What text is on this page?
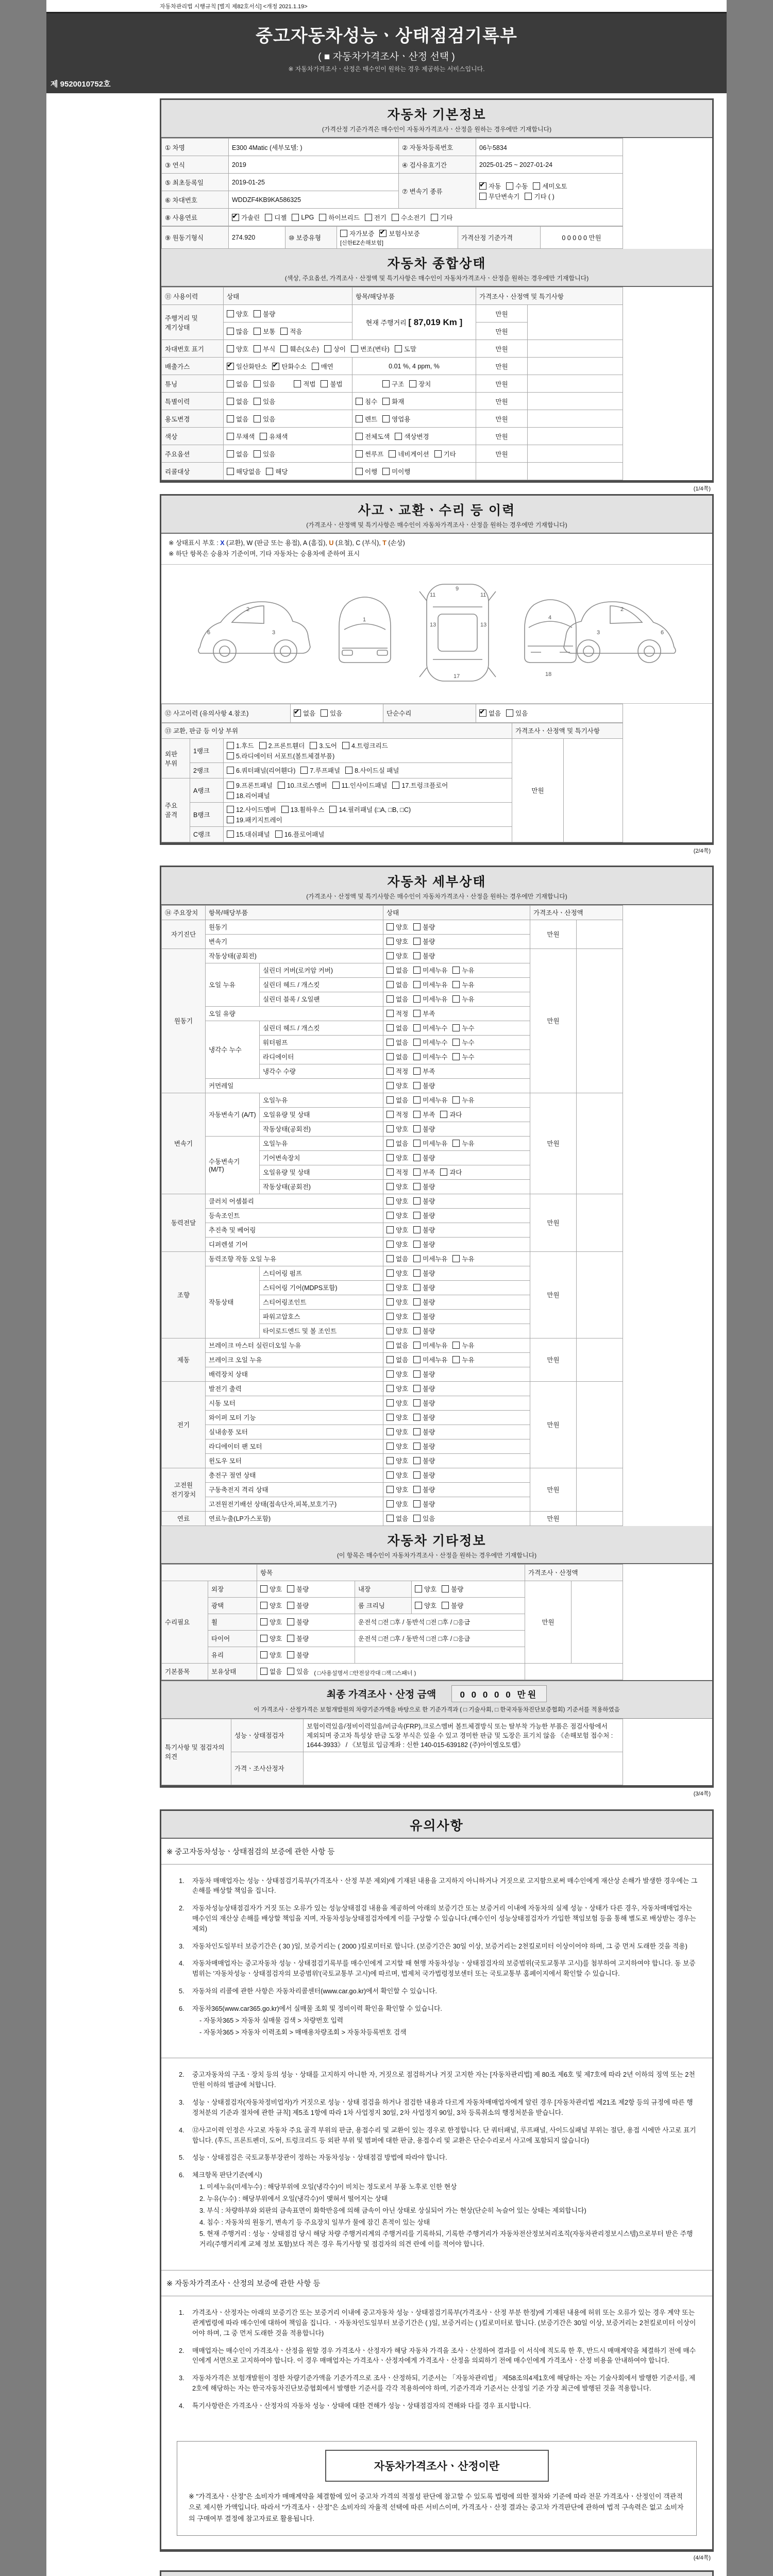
자동차관리법 시행규칙 [별지 제82호서식] <개정 2021.1.19>
중고자동차성능ㆍ상태점검기록부
( ■ 자동차가격조사ㆍ산정 선택 )
※ 자동차가격조사ㆍ산정은 매수인이 원하는 경우 제공하는 서비스입니다.
제 9520010752호
자동차 기본정보
(가격산정 기준가격은 매수인이 자동차가격조사ㆍ산정을 원하는 경우에만 기재합니다)
① 차명	E300 4Matic (세부모델: )	② 자동차등록번호	06누5834
③ 연식	2019	④ 검사유효기간	2025-01-25 ~ 2027-01-24
⑤ 최초등록일	2019-01-25	⑦ 변속기 종류	
✔
자동 수동 세미오토

무단변속기 기타 ( )

⑥ 차대번호	WDDZF4KB9KA586325		
⑧ 사용연료	
✔가솔린 디젤 LPG 하이브리드 전기 수소전기 기타
⑨ 원동기형식	274.920	⑩ 보증유형	
자가보증 ✔ 보험사보증
[신한EZ손해보험]	가격산정 기준가격	0 0 0 0 0 만원
자동차 종합상태
(색상, 주요옵션, 가격조사ㆍ산정액 및 특기사항은 매수인이 자동차가격조사ㆍ산정을 원하는 경우에만 기재합니다)
⑪ 사용이력	상태	항목/해당부품	가격조사ㆍ산정액 및 특기사항	
주행거리 및 계기상태	양호 불량	현재 주행거리 [ 87,019 Km ]	만원	

	많음 보통 적음		만원	
차대번호 표기	양호 부식 훼손(오손) 상이 변조(변타) 도말	만원	
배출가스	
✔일산화탄소 ✔ 탄화수소 매연	0.01 %, 4 ppm, %	만원	
튜닝	없음 있음 적법 불법	구조 장치	만원	
특별이력	없음 있음	침수 화재	만원	
용도변경	없음 있음	렌트 영업용	만원	
색상	무채색 유채색	전체도색 색상변경	만원	
주요옵션	없음 있음	썬루프 네비게이션 기타	만원	
리콜대상	해당없음 해당	이행 미이행		

(1/4쪽)
사고ㆍ교환ㆍ수리 등 이력
(가격조사ㆍ산정액 및 특기사항은 매수인이 자동차가격조사ㆍ산정을 원하는 경우에만 기재합니다)
※ 상태표시 부호 : X (교환), W (판금 또는 용접), A (흠집), U (요철), C (부식), T (손상)
※ 하단 항목은 승용차 기준이며, 기타 자동차는 승용차에 준하여 표시
2
3
6
1
11	11
13	13
9
17
4
18
2
3	6
⑫ 사고이력 (유의사항 4.참조)	
✔없음 있음	단순수리	
✔없음 있음
⑬ 교환, 판금 등 이상 부위			가격조사ㆍ산정액 및 특기사항	
외판 부위	1랭크	1.후드 2.프론트휀더 3.도어 4.트렁크리드

5.라디에이터 서포트(볼트체결부품)	만원	
	2랭크	6.쿼터패널(리어휀다) 7.루프패널 8.사이드실 패널		

주요 골격	A랭크	9.프론트패널 10.크로스멤버 11.인사이드패널 17.트렁크플로어

18.리어패널		

	B랭크	12.사이드멤버 13.휠하우스 14.필러패널 (□A, □B, □C)

19.패키지트레이		

	C랭크	15.대쉬패널 16.플로어패널		
(2/4쪽)
자동차 세부상태
(가격조사ㆍ산정액 및 특기사항은 매수인이 자동차가격조사ㆍ산정을 원하는 경우에만 기재합니다)
⑭ 주요장치	항목/해당부품		상태	가격조사ㆍ산정액	
자기진단	원동기		양호 불량	만원	
	변속기		양호 불량		

원동기	작동상태(공회전)		양호 불량	만원	
	오일 누유	실린더 커버(로커암 커버)	없음 미세누유 누유		

		실린더 헤드 / 개스킷	없음 미세누유 누유		

		실린더 블록 / 오일팬	없음 미세누유 누유		

	오일 유량		적정 부족		

	냉각수 누수	실린더 헤드 / 개스킷	없음 미세누수 누수		

		워터펌프	없음 미세누수 누수		

		라디에이터	없음 미세누수 누수		

		냉각수 수량	적정 부족		

	커먼레일		양호 불량		

변속기	자동변속기 (A/T)	오일누유	없음 미세누유 누유	만원	
		오일유량 및 상태	적정 부족 과다		

		작동상태(공회전)	양호 불량		

	수동변속기 (M/T)	오일누유	없음 미세누유 누유		

		기어변속장치	양호 불량		

		오일유량 및 상태	적정 부족 과다		

		작동상태(공회전)	양호 불량		

동력전달	클러치 어셈블리		양호 불량	만원	
	등속조인트		양호 불량		

	추진축 및 베어링		양호 불량		

	디퍼렌셜 기어		양호 불량		

조향	동력조향 작동 오일 누유		없음 미세누유 누유	만원	
	작동상태	스티어링 펌프	양호 불량		

		스티어링 기어(MDPS포함)	양호 불량		

		스티어링조인트	양호 불량		

		파워고압호스	양호 불량		

		타이로드엔드 및 볼 조인트	양호 불량		

제동	브레이크 마스터 실린더오일 누유		없음 미세누유 누유	만원	
	브레이크 오일 누유		없음 미세누유 누유		

	배력장치 상태		양호 불량		

전기	발전기 출력		양호 불량	만원	
	시동 모터		양호 불량		

	와이퍼 모터 기능		양호 불량		

	실내송풍 모터		양호 불량		

	라디에이터 팬 모터		양호 불량		

	윈도우 모터		양호 불량		

고전원 전기장치	충전구 절연 상태		양호 불량	만원	
	구동축전지 격리 상태		양호 불량		

	고전원전기배선 상태(접속단자,피복,보호기구)		양호 불량		

연료	연료누출(LP가스포함)		없음 있음	만원	
자동차 기타정보
(이 항목은 매수인이 자동차가격조사ㆍ산정을 원하는 경우에만 기재합니다)
		항목			가격조사ㆍ산정액	
수리필요	외장	양호 불량	내장	양호 불량	만원	
	광택	양호 불량	룸 크리닝	양호 불량		

	휠	양호 불량	운전석 □전 □후 / 동반석 □전 □후 / □응급			
	타이어	양호 불량	운전석 □전 □후 / 동반석 □전 □후 / □응급			
	유리	양호 불량				

기본품목	보유상태	없음 있음 ( □사용설명서 □안전삼각대 □잭 □스패너 )				
최종 가격조사ㆍ산정 금액	0 0 0 0 0 만원
이 가격조사ㆍ산정가격은 보험개발원의 차량기준가액을 바탕으로 한 기준가격과 ( □ 기술사회, □ 한국자동차진단보증협회) 기준서를 적용하였음
특기사항 및 점검자의 의견	성능ㆍ상태점검자	보험이력있음/정비이력있음/비금속(FRP),크로스멤버 볼트체결방식 또는 탈부착 가능한 부품은 점검사항에서 제외되며 중고차 특성상 판금 도장 부식은 있을 수 있고 경미한 판금 및 도장은 표기치 않음 《손해보험 접수처 : 1644-3933》 / 《보험료 입금계좌 : 신한 140-015-639182 (주)아이엠오토랩》
	가격ㆍ조사산정자	
(3/4쪽)
유의사항
※ 중고자동차성능ㆍ상태점검의 보증에 관한 사항 등
1.	자동차 매매업자는 성능ㆍ상태점검기록부(가격조사ㆍ산정 부분 제외)에 기재된 내용을 고지하지 아니하거나 거짓으로 고지함으로써 매수인에게 재산상 손해가 발생한 경우에는 그 손해를 배상할 책임을 집니다.
2.	자동차성능상태점검자가 거짓 또는 오류가 있는 성능상태점검 내용을 제공하여 아래의 보증기간 또는 보증거리 이내에 자동차의 실제 성능ㆍ상태가 다른 경우, 자동차매매업자는 매수인의 재산상 손해를 배상할 책임을 지며, 자동차성능상태점검자에게 이를 구상할 수 있습니다.(매수인이 성능상태점검자가 가입한 책임보험 등을 통해 별도로 배상받는 경우는 제외)
3.	자동차인도일부터 보증기간은 ( 30 )일, 보증거리는 ( 2000 )킬로미터로 합니다. (보증기간은 30일 이상, 보증거리는 2천킬로미터 이상이어야 하며, 그 중 먼저 도래한 것을 적용)
4.	자동차매매업자는 중고자동차 성능ㆍ상태점검기록부를 매수인에게 고지할 때 현행 자동차성능ㆍ상태점검자의 보증범위(국토교통부 고시)를 첨부하여 고지하여야 합니다. 동 보증범위는 '자동차성능ㆍ상태점검자의 보증범위'(국토교통부 고시)에 따르며, 법제처 국가법령정보센터 또는 국토교통부 홈페이지에서 확인할 수 있습니다.
5.	자동차의 리콜에 관한 사항은 자동차리콜센터(www.car.go.kr)에서 확인할 수 있습니다.
6.	자동차365(www.car365.go.kr)에서 실매물 조회 및 정비이력 확인을 확인할 수 있습니다.
- 자동차365 > 자동차 실매물 검색 > 차량번호 입력
- 자동차365 > 자동차 이력조회 > 매매용차량조회 > 자동차등록번호 검색
2.	중고자동차의 구조ㆍ장치 등의 성능ㆍ상태를 고지하지 아니한 자, 거짓으로 점검하거나 거짓 고지한 자는 [자동차관리법] 제 80조 제6호 및 제7호에 따라 2년 이하의 징역 또는 2천만원 이하의 벌금에 처합니다.
3.	성능ㆍ상태점검자(자동차정비업자)가 거짓으로 성능ㆍ상태 점검을 하거나 점검한 내용과 다르게 자동차매매업자에게 알린 경우 [자동차관리법 제21조 제2항 등의 규정에 따른 행정처분의 기준과 절차에 관한 규칙] 제5조 1항에 따라 1차 사업정지 30일, 2차 사업정지 90일, 3차 등록취소의 행정처분을 받습니다.
4.	⑫사고이력 인정은 사고로 자동차 주요 골격 부위의 판금, 용접수리 및 교환이 있는 경우로 한정합니다. 단 쿼터패널, 루프패널, 사이드실패널 부위는 절단, 용접 시에만 사고로 표기합니다. (후드, 프론트펜더, 도어, 트렁크리드 등 외판 부위 및 범퍼에 대한 판금, 용접수리 및 교환은 단순수리로서 사고에 포함되지 않습니다)
5.	성능ㆍ상태점검은 국토교통부장관이 정하는 자동차성능ㆍ상태점검 방법에 따라야 합니다.
6.	체크항목 판단기준(예시)
1. 미세누유(미세누수) : 해당부위에 오일(냉각수)이 비치는 정도로서 부품 노후로 인한 현상
2. 누유(누수) : 해당부위에서 오일(냉각수)이 맺혀서 떨어지는 상태
3. 부식 : 차량하부와 외판의 금속표면이 화학반응에 의해 금속이 아닌 상태로 상실되어 가는 현상(단순히 녹슬어 있는 상태는 제외합니다)
4. 침수 : 자동차의 원동기, 변속기 등 주요장치 일부가 물에 잠긴 흔적이 있는 상태
5. 현재 주행거리 : 성능ㆍ상태점검 당시 해당 차량 주행거리계의 주행거리를 기록하되, 기록한 주행거리가 자동차전산정보처리조직(자동차관리정보시스템)으로부터 받은 주행거리(주행거리계 교체 정보 포함)보다 적은 경우 특기사항 및 점검자의 의견 란에 이를 적어야 합니다.
※ 자동차가격조사ㆍ산정의 보증에 관한 사항 등
1.	가격조사ㆍ산정자는 아래의 보증기간 또는 보증거리 이내에 중고자동차 성능ㆍ상태점검기록부(가격조사ㆍ산정 부분 한정)에 기재된 내용에 허위 또는 오류가 있는 경우 계약 또는 관계법령에 따라 매수인에 대하여 책임을 집니다. ㆍ자동차인도일부터 보증기간은 ( )일, 보증거리는 ( )킬로미터로 합니다. (보증기간은 30일 이상, 보증거리는 2천킬로미터 이상이어야 하며, 그 중 먼저 도래한 것을 적용합니다)
2.	매매업자는 매수인이 가격조사ㆍ산정을 원할 경우 가격조사ㆍ산정자가 해당 자동차 가격을 조사ㆍ산정하여 결과를 이 서식에 적도록 한 후, 반드시 매매계약을 체결하기 전에 매수인에게 서면으로 고지하여야 합니다. 이 경우 매매업자는 가격조사ㆍ산정자에게 가격조사ㆍ산정을 의뢰하기 전에 매수인에게 가격조사ㆍ산정 비용을 안내하여야 합니다.
3.	자동차가격은 보험개발원이 정한 차량기준가액을 기준가격으로 조사ㆍ산정하되, 기준서는 「자동차관리법」 제58조의4제1호에 해당하는 자는 기술사회에서 발행한 기준서를, 제2호에 해당하는 자는 한국자동차진단보증협회에서 발행한 기준서를 각각 적용하여야 하며, 기준가격과 기준서는 산정일 기준 가장 최근에 발행된 것을 적용합니다.
4.	특기사항란은 가격조사ㆍ산정자의 자동차 성능ㆍ상태에 대한 견해가 성능ㆍ상태점검자의 견해와 다를 경우 표시합니다.
자동차가격조사ㆍ산정이란
※ "가격조사ㆍ산정"은 소비자가 매매계약을 체결함에 있어 중고차 가격의 적절성 판단에 참고할 수 있도록 법령에 의한 절차와 기준에 따라 전문 가격조사ㆍ산정인이 객관적으로 제시한 가액입니다. 따라서 "가격조사ㆍ산정"은 소비자의 자율적 선택에 따른 서비스이며, 가격조사ㆍ산정 결과는 중고차 가격판단에 관하여 법적 구속력은 없고 소비자의 구매여부 결정에 참고자료로 활용됩니다.
(4/4쪽)
